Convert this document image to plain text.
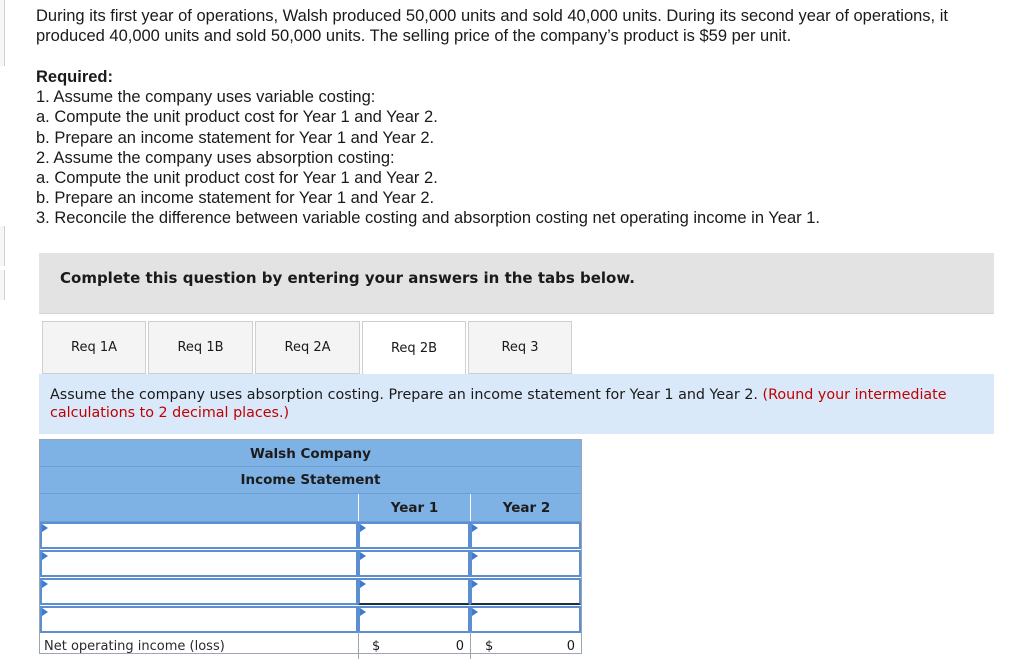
During its first year of operations, Walsh produced 50,000 units and sold 40,000 units. During its second year of operations, it produced 40,000 units and sold 50,000 units. The selling price of the company’s product is $59 per unit.
Required:
1. Assume the company uses variable costing:
a. Compute the unit product cost for Year 1 and Year 2.
b. Prepare an income statement for Year 1 and Year 2.
2. Assume the company uses absorption costing:
a. Compute the unit product cost for Year 1 and Year 2.
b. Prepare an income statement for Year 1 and Year 2.
3. Reconcile the difference between variable costing and absorption costing net operating income in Year 1.
Complete this question by entering your answers in the tabs below.
Req 1A	Req 1B	Req 2A	Req 2B	Req 3
Assume the company uses absorption costing. Prepare an income statement for Year 1 and Year 2. (Round your intermediate calculations to 2 decimal places.)
Walsh Company
Income Statement
Year 1	Year 2
Net operating income (loss)	$	0 $	0
